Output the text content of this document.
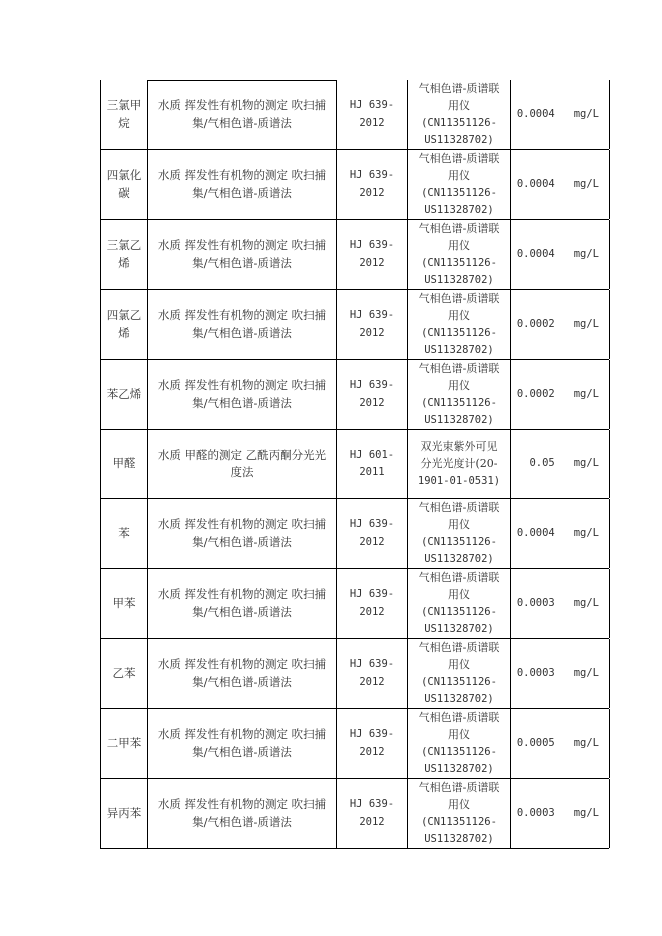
三氯甲
烷
水质 挥发性有机物的测定 吹扫捕
集/气相色谱-质谱法
HJ 639-
2012
气相色谱-质谱联
用仪
(CN11351126-
US11328702)
0.0004   mg/L
四氯化
碳
水质 挥发性有机物的测定 吹扫捕
集/气相色谱-质谱法
HJ 639-
2012
气相色谱-质谱联
用仪
(CN11351126-
US11328702)
0.0004   mg/L
三氯乙
烯
水质 挥发性有机物的测定 吹扫捕
集/气相色谱-质谱法
HJ 639-
2012
气相色谱-质谱联
用仪
(CN11351126-
US11328702)
0.0004   mg/L
四氯乙
烯
水质 挥发性有机物的测定 吹扫捕
集/气相色谱-质谱法
HJ 639-
2012
气相色谱-质谱联
用仪
(CN11351126-
US11328702)
0.0002   mg/L
苯乙烯
水质 挥发性有机物的测定 吹扫捕
集/气相色谱-质谱法
HJ 639-
2012
气相色谱-质谱联
用仪
(CN11351126-
US11328702)
0.0002   mg/L
甲醛
水质 甲醛的测定 乙酰丙酮分光光
度法
HJ 601-
2011
双光束紫外可见
分光光度计(20-
1901-01-0531)
0.05   mg/L
苯
水质 挥发性有机物的测定 吹扫捕
集/气相色谱-质谱法
HJ 639-
2012
气相色谱-质谱联
用仪
(CN11351126-
US11328702)
0.0004   mg/L
甲苯
水质 挥发性有机物的测定 吹扫捕
集/气相色谱-质谱法
HJ 639-
2012
气相色谱-质谱联
用仪
(CN11351126-
US11328702)
0.0003   mg/L
乙苯
水质 挥发性有机物的测定 吹扫捕
集/气相色谱-质谱法
HJ 639-
2012
气相色谱-质谱联
用仪
(CN11351126-
US11328702)
0.0003   mg/L
二甲苯
水质 挥发性有机物的测定 吹扫捕
集/气相色谱-质谱法
HJ 639-
2012
气相色谱-质谱联
用仪
(CN11351126-
US11328702)
0.0005   mg/L
异丙苯
水质 挥发性有机物的测定 吹扫捕
集/气相色谱-质谱法
HJ 639-
2012
气相色谱-质谱联
用仪
(CN11351126-
US11328702)
0.0003   mg/L
